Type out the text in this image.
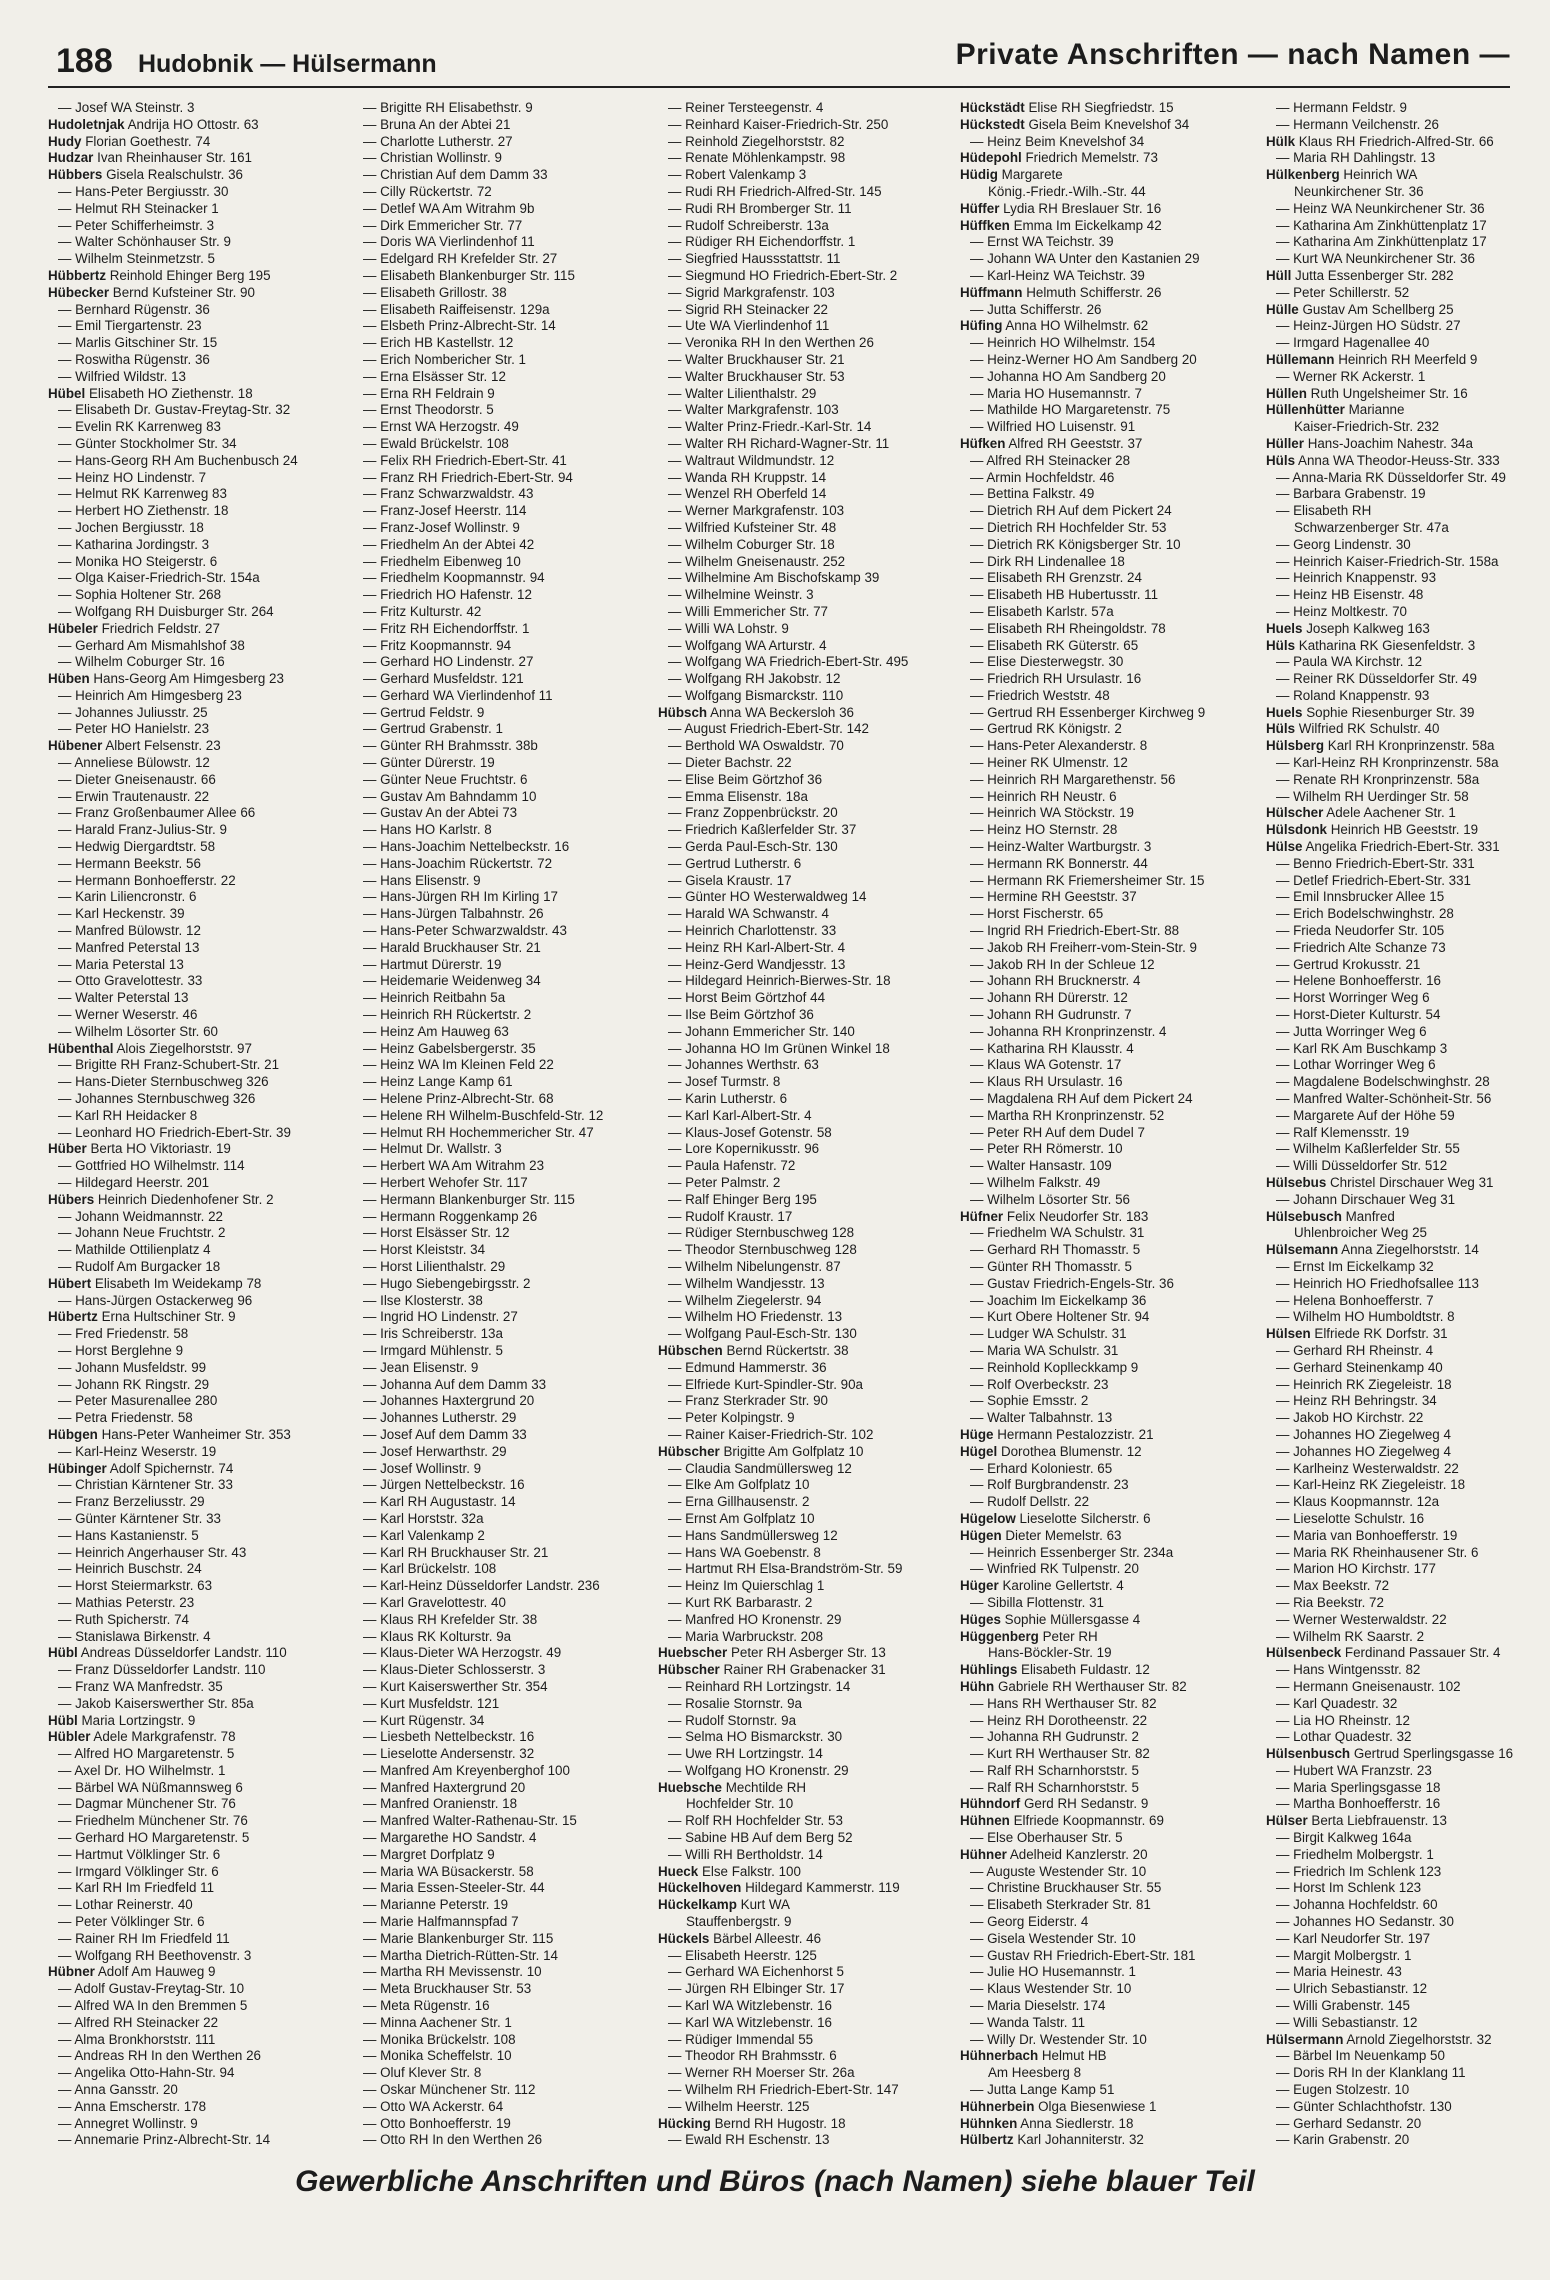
188 Hudobnik — Hülsermann	Private Anschriften — nach Namen —
— Josef WA Steinstr. 3
Hudoletnjak Andrija HO Ottostr. 63
Hudy Florian Goethestr. 74
Hudzar Ivan Rheinhauser Str. 161
Hübbers Gisela Realschulstr. 36
— Hans-Peter Bergiusstr. 30
— Helmut RH Steinacker 1
— Peter Schifferheimstr. 3
— Walter Schönhauser Str. 9
— Wilhelm Steinmetzstr. 5
Hübbertz Reinhold Ehinger Berg 195
Hübecker Bernd Kufsteiner Str. 90
— Bernhard Rügenstr. 36
— Emil Tiergartenstr. 23
— Marlis Gitschiner Str. 15
— Roswitha Rügenstr. 36
— Wilfried Wildstr. 13
Hübel Elisabeth HO Ziethenstr. 18
— Elisabeth Dr. Gustav-Freytag-Str. 32
— Evelin RK Karrenweg 83
— Günter Stockholmer Str. 34
— Hans-Georg RH Am Buchenbusch 24
— Heinz HO Lindenstr. 7
— Helmut RK Karrenweg 83
— Herbert HO Ziethenstr. 18
— Jochen Bergiusstr. 18
— Katharina Jordingstr. 3
— Monika HO Steigerstr. 6
— Olga Kaiser-Friedrich-Str. 154a
— Sophia Holtener Str. 268
— Wolfgang RH Duisburger Str. 264
Hübeler Friedrich Feldstr. 27
— Gerhard Am Mismahlshof 38
— Wilhelm Coburger Str. 16
Hüben Hans-Georg Am Himgesberg 23
— Heinrich Am Himgesberg 23
— Johannes Juliusstr. 25
— Peter HO Hanielstr. 23
Hübener Albert Felsenstr. 23
— Anneliese Bülowstr. 12
— Dieter Gneisenaustr. 66
— Erwin Trautenaustr. 22
— Franz Großenbaumer Allee 66
— Harald Franz-Julius-Str. 9
— Hedwig Diergardtstr. 58
— Hermann Beekstr. 56
— Hermann Bonhoefferstr. 22
— Karin Liliencronstr. 6
— Karl Heckenstr. 39
— Manfred Bülowstr. 12
— Manfred Peterstal 13
— Maria Peterstal 13
— Otto Gravelottestr. 33
— Walter Peterstal 13
— Werner Weserstr. 46
— Wilhelm Lösorter Str. 60
Hübenthal Alois Ziegelhorststr. 97
— Brigitte RH Franz-Schubert-Str. 21
— Hans-Dieter Sternbuschweg 326
— Johannes Sternbuschweg 326
— Karl RH Heidacker 8
— Leonhard HO Friedrich-Ebert-Str. 39
Hüber Berta HO Viktoriastr. 19
— Gottfried HO Wilhelmstr. 114
— Hildegard Heerstr. 201
Hübers Heinrich Diedenhofener Str. 2
— Johann Weidmannstr. 22
— Johann Neue Fruchtstr. 2
— Mathilde Ottilienplatz 4
— Rudolf Am Burgacker 18
Hübert Elisabeth Im Weidekamp 78
— Hans-Jürgen Ostackerweg 96
Hübertz Erna Hultschiner Str. 9
— Fred Friedenstr. 58
— Horst Berglehne 9
— Johann Musfeldstr. 99
— Johann RK Ringstr. 29
— Peter Masurenallee 280
— Petra Friedenstr. 58
Hübgen Hans-Peter Wanheimer Str. 353
— Karl-Heinz Weserstr. 19
Hübinger Adolf Spichernstr. 74
— Christian Kärntener Str. 33
— Franz Berzeliusstr. 29
— Günter Kärntener Str. 33
— Hans Kastanienstr. 5
— Heinrich Angerhauser Str. 43
— Heinrich Buschstr. 24
— Horst Steiermarkstr. 63
— Mathias Peterstr. 23
— Ruth Spicherstr. 74
— Stanislawa Birkenstr. 4
Hübl Andreas Düsseldorfer Landstr. 110
— Franz Düsseldorfer Landstr. 110
— Franz WA Manfredstr. 35
— Jakob Kaiserswerther Str. 85a
Hübl Maria Lortzingstr. 9
Hübler Adele Markgrafenstr. 78
— Alfred HO Margaretenstr. 5
— Axel Dr. HO Wilhelmstr. 1
— Bärbel WA Nüßmannsweg 6
— Dagmar Münchener Str. 76
— Friedhelm Münchener Str. 76
— Gerhard HO Margaretenstr. 5
— Hartmut Völklinger Str. 6
— Irmgard Völklinger Str. 6
— Karl RH Im Friedfeld 11
— Lothar Reinerstr. 40
— Peter Völklinger Str. 6
— Rainer RH Im Friedfeld 11
— Wolfgang RH Beethovenstr. 3
Hübner Adolf Am Hauweg 9
— Adolf Gustav-Freytag-Str. 10
— Alfred WA In den Bremmen 5
— Alfred RH Steinacker 22
— Alma Bronkhorststr. 111
— Andreas RH In den Werthen 26
— Angelika Otto-Hahn-Str. 94
— Anna Gansstr. 20
— Anna Emscherstr. 178
— Annegret Wollinstr. 9
— Annemarie Prinz-Albrecht-Str. 14
— Brigitte RH Elisabethstr. 9
— Bruna An der Abtei 21
— Charlotte Lutherstr. 27
— Christian Wollinstr. 9
— Christian Auf dem Damm 33
— Cilly Rückertstr. 72
— Detlef WA Am Witrahm 9b
— Dirk Emmericher Str. 77
— Doris WA Vierlindenhof 11
— Edelgard RH Krefelder Str. 27
— Elisabeth Blankenburger Str. 115
— Elisabeth Grillostr. 38
— Elisabeth Raiffeisenstr. 129a
— Elsbeth Prinz-Albrecht-Str. 14
— Erich HB Kastellstr. 12
— Erich Nombericher Str. 1
— Erna Elsässer Str. 12
— Erna RH Feldrain 9
— Ernst Theodorstr. 5
— Ernst WA Herzogstr. 49
— Ewald Brückelstr. 108
— Felix RH Friedrich-Ebert-Str. 41
— Franz RH Friedrich-Ebert-Str. 94
— Franz Schwarzwaldstr. 43
— Franz-Josef Heerstr. 114
— Franz-Josef Wollinstr. 9
— Friedhelm An der Abtei 42
— Friedhelm Eibenweg 10
— Friedhelm Koopmannstr. 94
— Friedrich HO Hafenstr. 12
— Fritz Kulturstr. 42
— Fritz RH Eichendorffstr. 1
— Fritz Koopmannstr. 94
— Gerhard HO Lindenstr. 27
— Gerhard Musfeldstr. 121
— Gerhard WA Vierlindenhof 11
— Gertrud Feldstr. 9
— Gertrud Grabenstr. 1
— Günter RH Brahmsstr. 38b
— Günter Dürerstr. 19
— Günter Neue Fruchtstr. 6
— Gustav Am Bahndamm 10
— Gustav An der Abtei 73
— Hans HO Karlstr. 8
— Hans-Joachim Nettelbeckstr. 16
— Hans-Joachim Rückertstr. 72
— Hans Elisenstr. 9
— Hans-Jürgen RH Im Kirling 17
— Hans-Jürgen Talbahnstr. 26
— Hans-Peter Schwarzwaldstr. 43
— Harald Bruckhauser Str. 21
— Hartmut Dürerstr. 19
— Heidemarie Weidenweg 34
— Heinrich Reitbahn 5a
— Heinrich RH Rückertstr. 2
— Heinz Am Hauweg 63
— Heinz Gabelsbergerstr. 35
— Heinz WA Im Kleinen Feld 22
— Heinz Lange Kamp 61
— Helene Prinz-Albrecht-Str. 68
— Helene RH Wilhelm-Buschfeld-Str. 12
— Helmut RH Hochemmericher Str. 47
— Helmut Dr. Wallstr. 3
— Herbert WA Am Witrahm 23
— Herbert Wehofer Str. 117
— Hermann Blankenburger Str. 115
— Hermann Roggenkamp 26
— Horst Elsässer Str. 12
— Horst Kleiststr. 34
— Horst Lilienthalstr. 29
— Hugo Siebengebirgsstr. 2
— Ilse Klosterstr. 38
— Ingrid HO Lindenstr. 27
— Iris Schreiberstr. 13a
— Irmgard Mühlenstr. 5
— Jean Elisenstr. 9
— Johanna Auf dem Damm 33
— Johannes Haxtergrund 20
— Johannes Lutherstr. 29
— Josef Auf dem Damm 33
— Josef Herwarthstr. 29
— Josef Wollinstr. 9
— Jürgen Nettelbeckstr. 16
— Karl RH Augustastr. 14
— Karl Horststr. 32a
— Karl Valenkamp 2
— Karl RH Bruckhauser Str. 21
— Karl Brückelstr. 108
— Karl-Heinz Düsseldorfer Landstr. 236
— Karl Gravelottestr. 40
— Klaus RH Krefelder Str. 38
— Klaus RK Kolturstr. 9a
— Klaus-Dieter WA Herzogstr. 49
— Klaus-Dieter Schlosserstr. 3
— Kurt Kaiserswerther Str. 354
— Kurt Musfeldstr. 121
— Kurt Rügenstr. 34
— Liesbeth Nettelbeckstr. 16
— Lieselotte Andersenstr. 32
— Manfred Am Kreyenberghof 100
— Manfred Haxtergrund 20
— Manfred Oranienstr. 18
— Manfred Walter-Rathenau-Str. 15
— Margarethe HO Sandstr. 4
— Margret Dorfplatz 9
— Maria WA Büsackerstr. 58
— Maria Essen-Steeler-Str. 44
— Marianne Peterstr. 19
— Marie Halfmannspfad 7
— Marie Blankenburger Str. 115
— Martha Dietrich-Rütten-Str. 14
— Martha RH Mevissenstr. 10
— Meta Bruckhauser Str. 53
— Meta Rügenstr. 16
— Minna Aachener Str. 1
— Monika Brückelstr. 108
— Monika Scheffelstr. 10
— Oluf Klever Str. 8
— Oskar Münchener Str. 112
— Otto WA Ackerstr. 64
— Otto Bonhoefferstr. 19
— Otto RH In den Werthen 26
— Reiner Tersteegenstr. 4
— Reinhard Kaiser-Friedrich-Str. 250
— Reinhold Ziegelhorststr. 82
— Renate Möhlenkampstr. 98
— Robert Valenkamp 3
— Rudi RH Friedrich-Alfred-Str. 145
— Rudi RH Bromberger Str. 11
— Rudolf Schreiberstr. 13a
— Rüdiger RH Eichendorffstr. 1
— Siegfried Haussstattstr. 11
— Siegmund HO Friedrich-Ebert-Str. 2
— Sigrid Markgrafenstr. 103
— Sigrid RH Steinacker 22
— Ute WA Vierlindenhof 11
— Veronika RH In den Werthen 26
— Walter Bruckhauser Str. 21
— Walter Bruckhauser Str. 53
— Walter Lilienthalstr. 29
— Walter Markgrafenstr. 103
— Walter Prinz-Friedr.-Karl-Str. 14
— Walter RH Richard-Wagner-Str. 11
— Waltraut Wildmundstr. 12
— Wanda RH Kruppstr. 14
— Wenzel RH Oberfeld 14
— Werner Markgrafenstr. 103
— Wilfried Kufsteiner Str. 48
— Wilhelm Coburger Str. 18
— Wilhelm Gneisenaustr. 252
— Wilhelmine Am Bischofskamp 39
— Wilhelmine Weinstr. 3
— Willi Emmericher Str. 77
— Willi WA Lohstr. 9
— Wolfgang WA Arturstr. 4
— Wolfgang WA Friedrich-Ebert-Str. 495
— Wolfgang RH Jakobstr. 12
— Wolfgang Bismarckstr. 110
Hübsch Anna WA Beckersloh 36
— August Friedrich-Ebert-Str. 142
— Berthold WA Oswaldstr. 70
— Dieter Bachstr. 22
— Elise Beim Görtzhof 36
— Emma Elisenstr. 18a
— Franz Zoppenbrückstr. 20
— Friedrich Kaßlerfelder Str. 37
— Gerda Paul-Esch-Str. 130
— Gertrud Lutherstr. 6
— Gisela Kraustr. 17
— Günter HO Westerwaldweg 14
— Harald WA Schwanstr. 4
— Heinrich Charlottenstr. 33
— Heinz RH Karl-Albert-Str. 4
— Heinz-Gerd Wandjesstr. 13
— Hildegard Heinrich-Bierwes-Str. 18
— Horst Beim Görtzhof 44
— Ilse Beim Görtzhof 36
— Johann Emmericher Str. 140
— Johanna HO Im Grünen Winkel 18
— Johannes Werthstr. 63
— Josef Turmstr. 8
— Karin Lutherstr. 6
— Karl Karl-Albert-Str. 4
— Klaus-Josef Gotenstr. 58
— Lore Kopernikusstr. 96
— Paula Hafenstr. 72
— Peter Palmstr. 2
— Ralf Ehinger Berg 195
— Rudolf Kraustr. 17
— Rüdiger Sternbuschweg 128
— Theodor Sternbuschweg 128
— Wilhelm Nibelungenstr. 87
— Wilhelm Wandjesstr. 13
— Wilhelm Ziegelerstr. 94
— Wilhelm HO Friedenstr. 13
— Wolfgang Paul-Esch-Str. 130
Hübschen Bernd Rückertstr. 38
— Edmund Hammerstr. 36
— Elfriede Kurt-Spindler-Str. 90a
— Franz Sterkrader Str. 90
— Peter Kolpingstr. 9
— Rainer Kaiser-Friedrich-Str. 102
Hübscher Brigitte Am Golfplatz 10
— Claudia Sandmüllersweg 12
— Elke Am Golfplatz 10
— Erna Gillhausenstr. 2
— Ernst Am Golfplatz 10
— Hans Sandmüllersweg 12
— Hans WA Goebenstr. 8
— Hartmut RH Elsa-Brandström-Str. 59
— Heinz Im Quierschlag 1
— Kurt RK Barbarastr. 2
— Manfred HO Kronenstr. 29
— Maria Warbruckstr. 208
Huebscher Peter RH Asberger Str. 13
Hübscher Rainer RH Grabenacker 31
— Reinhard RH Lortzingstr. 14
— Rosalie Stornstr. 9a
— Rudolf Stornstr. 9a
— Selma HO Bismarckstr. 30
— Uwe RH Lortzingstr. 14
— Wolfgang HO Kronenstr. 29
Huebsche Mechtilde RH
Hochfelder Str. 10
— Rolf RH Hochfelder Str. 53
— Sabine HB Auf dem Berg 52
— Willi RH Bertholdstr. 14
Hueck Else Falkstr. 100
Hückelhoven Hildegard Kammerstr. 119
Hückelkamp Kurt WA
Stauffenbergstr. 9
Hückels Bärbel Alleestr. 46
— Elisabeth Heerstr. 125
— Gerhard WA Eichenhorst 5
— Jürgen RH Elbinger Str. 17
— Karl WA Witzlebenstr. 16
— Karl WA Witzlebenstr. 16
— Rüdiger Immendal 55
— Theodor RH Brahmsstr. 6
— Werner RH Moerser Str. 26a
— Wilhelm RH Friedrich-Ebert-Str. 147
— Wilhelm Heerstr. 125
Hücking Bernd RH Hugostr. 18
— Ewald RH Eschenstr. 13
Hückstädt Elise RH Siegfriedstr. 15
Hückstedt Gisela Beim Knevelshof 34
— Heinz Beim Knevelshof 34
Hüdepohl Friedrich Memelstr. 73
Hüdig Margarete
König.-Friedr.-Wilh.-Str. 44
Hüffer Lydia RH Breslauer Str. 16
Hüffken Emma Im Eickelkamp 42
— Ernst WA Teichstr. 39
— Johann WA Unter den Kastanien 29
— Karl-Heinz WA Teichstr. 39
Hüffmann Helmuth Schifferstr. 26
— Jutta Schifferstr. 26
Hüfing Anna HO Wilhelmstr. 62
— Heinrich HO Wilhelmstr. 154
— Heinz-Werner HO Am Sandberg 20
— Johanna HO Am Sandberg 20
— Maria HO Husemannstr. 7
— Mathilde HO Margaretenstr. 75
— Wilfried HO Luisenstr. 91
Hüfken Alfred RH Geeststr. 37
— Alfred RH Steinacker 28
— Armin Hochfeldstr. 46
— Bettina Falkstr. 49
— Dietrich RH Auf dem Pickert 24
— Dietrich RH Hochfelder Str. 53
— Dietrich RK Königsberger Str. 10
— Dirk RH Lindenallee 18
— Elisabeth RH Grenzstr. 24
— Elisabeth HB Hubertusstr. 11
— Elisabeth Karlstr. 57a
— Elisabeth RH Rheingoldstr. 78
— Elisabeth RK Güterstr. 65
— Elise Diesterwegstr. 30
— Friedrich RH Ursulastr. 16
— Friedrich Weststr. 48
— Gertrud RH Essenberger Kirchweg 9
— Gertrud RK Königstr. 2
— Hans-Peter Alexanderstr. 8
— Heiner RK Ulmenstr. 12
— Heinrich RH Margarethenstr. 56
— Heinrich RH Neustr. 6
— Heinrich WA Stöckstr. 19
— Heinz HO Sternstr. 28
— Heinz-Walter Wartburgstr. 3
— Hermann RK Bonnerstr. 44
— Hermann RK Friemersheimer Str. 15
— Hermine RH Geeststr. 37
— Horst Fischerstr. 65
— Ingrid RH Friedrich-Ebert-Str. 88
— Jakob RH Freiherr-vom-Stein-Str. 9
— Jakob RH In der Schleue 12
— Johann RH Brucknerstr. 4
— Johann RH Dürerstr. 12
— Johann RH Gudrunstr. 7
— Johanna RH Kronprinzenstr. 4
— Katharina RH Klausstr. 4
— Klaus WA Gotenstr. 17
— Klaus RH Ursulastr. 16
— Magdalena RH Auf dem Pickert 24
— Martha RH Kronprinzenstr. 52
— Peter RH Auf dem Dudel 7
— Peter RH Römerstr. 10
— Walter Hansastr. 109
— Wilhelm Falkstr. 49
— Wilhelm Lösorter Str. 56
Hüfner Felix Neudorfer Str. 183
— Friedhelm WA Schulstr. 31
— Gerhard RH Thomasstr. 5
— Günter RH Thomasstr. 5
— Gustav Friedrich-Engels-Str. 36
— Joachim Im Eickelkamp 36
— Kurt Obere Holtener Str. 94
— Ludger WA Schulstr. 31
— Maria WA Schulstr. 31
— Reinhold Koplleckkamp 9
— Rolf Overbeckstr. 23
— Sophie Emsstr. 2
— Walter Talbahnstr. 13
Hüge Hermann Pestalozzistr. 21
Hügel Dorothea Blumenstr. 12
— Erhard Koloniestr. 65
— Rolf Burgbrandenstr. 23
— Rudolf Dellstr. 22
Hügelow Lieselotte Silcherstr. 6
Hügen Dieter Memelstr. 63
— Heinrich Essenberger Str. 234a
— Winfried RK Tulpenstr. 20
Hüger Karoline Gellertstr. 4
— Sibilla Flottenstr. 31
Hüges Sophie Müllersgasse 4
Hüggenberg Peter RH
Hans-Böckler-Str. 19
Hühlings Elisabeth Fuldastr. 12
Hühn Gabriele RH Werthauser Str. 82
— Hans RH Werthauser Str. 82
— Heinz RH Dorotheenstr. 22
— Johanna RH Gudrunstr. 2
— Kurt RH Werthauser Str. 82
— Ralf RH Scharnhorststr. 5
— Ralf RH Scharnhorststr. 5
Hühndorf Gerd RH Sedanstr. 9
Hühnen Elfriede Koopmannstr. 69
— Else Oberhauser Str. 5
Hühner Adelheid Kanzlerstr. 20
— Auguste Westender Str. 10
— Christine Bruckhauser Str. 55
— Elisabeth Sterkrader Str. 81
— Georg Eiderstr. 4
— Gisela Westender Str. 10
— Gustav RH Friedrich-Ebert-Str. 181
— Julie HO Husemannstr. 1
— Klaus Westender Str. 10
— Maria Dieselstr. 174
— Wanda Talstr. 11
— Willy Dr. Westender Str. 10
Hühnerbach Helmut HB
Am Heesberg 8
— Jutta Lange Kamp 51
Hühnerbein Olga Biesenwiese 1
Hühnken Anna Siedlerstr. 18
Hülbertz Karl Johanniterstr. 32
— Hermann Feldstr. 9
— Hermann Veilchenstr. 26
Hülk Klaus RH Friedrich-Alfred-Str. 66
— Maria RH Dahlingstr. 13
Hülkenberg Heinrich WA
Neunkirchener Str. 36
— Heinz WA Neunkirchener Str. 36
— Katharina Am Zinkhüttenplatz 17
— Katharina Am Zinkhüttenplatz 17
— Kurt WA Neunkirchener Str. 36
Hüll Jutta Essenberger Str. 282
— Peter Schillerstr. 52
Hülle Gustav Am Schellberg 25
— Heinz-Jürgen HO Südstr. 27
— Irmgard Hagenallee 40
Hüllemann Heinrich RH Meerfeld 9
— Werner RK Ackerstr. 1
Hüllen Ruth Ungelsheimer Str. 16
Hüllenhütter Marianne
Kaiser-Friedrich-Str. 232
Hüller Hans-Joachim Nahestr. 34a
Hüls Anna WA Theodor-Heuss-Str. 333
— Anna-Maria RK Düsseldorfer Str. 49
— Barbara Grabenstr. 19
— Elisabeth RH
Schwarzenberger Str. 47a
— Georg Lindenstr. 30
— Heinrich Kaiser-Friedrich-Str. 158a
— Heinrich Knappenstr. 93
— Heinz HB Eisenstr. 48
— Heinz Moltkestr. 70
Huels Joseph Kalkweg 163
Hüls Katharina RK Giesenfeldstr. 3
— Paula WA Kirchstr. 12
— Reiner RK Düsseldorfer Str. 49
— Roland Knappenstr. 93
Huels Sophie Riesenburger Str. 39
Hüls Wilfried RK Schulstr. 40
Hülsberg Karl RH Kronprinzenstr. 58a
— Karl-Heinz RH Kronprinzenstr. 58a
— Renate RH Kronprinzenstr. 58a
— Wilhelm RH Uerdinger Str. 58
Hülscher Adele Aachener Str. 1
Hülsdonk Heinrich HB Geeststr. 19
Hülse Angelika Friedrich-Ebert-Str. 331
— Benno Friedrich-Ebert-Str. 331
— Detlef Friedrich-Ebert-Str. 331
— Emil Innsbrucker Allee 15
— Erich Bodelschwinghstr. 28
— Frieda Neudorfer Str. 105
— Friedrich Alte Schanze 73
— Gertrud Krokusstr. 21
— Helene Bonhoefferstr. 16
— Horst Worringer Weg 6
— Horst-Dieter Kulturstr. 54
— Jutta Worringer Weg 6
— Karl RK Am Buschkamp 3
— Lothar Worringer Weg 6
— Magdalene Bodelschwinghstr. 28
— Manfred Walter-Schönheit-Str. 56
— Margarete Auf der Höhe 59
— Ralf Klemensstr. 19
— Wilhelm Kaßlerfelder Str. 55
— Willi Düsseldorfer Str. 512
Hülsebus Christel Dirschauer Weg 31
— Johann Dirschauer Weg 31
Hülsebusch Manfred
Uhlenbroicher Weg 25
Hülsemann Anna Ziegelhorststr. 14
— Ernst Im Eickelkamp 32
— Heinrich HO Friedhofsallee 113
— Helena Bonhoefferstr. 7
— Wilhelm HO Humboldtstr. 8
Hülsen Elfriede RK Dorfstr. 31
— Gerhard RH Rheinstr. 4
— Gerhard Steinenkamp 40
— Heinrich RK Ziegeleistr. 18
— Heinz RH Behringstr. 34
— Jakob HO Kirchstr. 22
— Johannes HO Ziegelweg 4
— Johannes HO Ziegelweg 4
— Karlheinz Westerwaldstr. 22
— Karl-Heinz RK Ziegeleistr. 18
— Klaus Koopmannstr. 12a
— Lieselotte Schulstr. 16
— Maria van Bonhoefferstr. 19
— Maria RK Rheinhausener Str. 6
— Marion HO Kirchstr. 177
— Max Beekstr. 72
— Ria Beekstr. 72
— Werner Westerwaldstr. 22
— Wilhelm RK Saarstr. 2
Hülsenbeck Ferdinand Passauer Str. 4
— Hans Wintgensstr. 82
— Hermann Gneisenaustr. 102
— Karl Quadestr. 32
— Lia HO Rheinstr. 12
— Lothar Quadestr. 32
Hülsenbusch Gertrud Sperlingsgasse 16
— Hubert WA Franzstr. 23
— Maria Sperlingsgasse 18
— Martha Bonhoefferstr. 16
Hülser Berta Liebfrauenstr. 13
— Birgit Kalkweg 164a
— Friedhelm Molbergstr. 1
— Friedrich Im Schlenk 123
— Horst Im Schlenk 123
— Johanna Hochfeldstr. 60
— Johannes HO Sedanstr. 30
— Karl Neudorfer Str. 197
— Margit Molbergstr. 1
— Maria Heinestr. 43
— Ulrich Sebastianstr. 12
— Willi Grabenstr. 145
— Willi Sebastianstr. 12
Hülsermann Arnold Ziegelhorststr. 32
— Bärbel Im Neuenkamp 50
— Doris RH In der Klanklang 11
— Eugen Stolzestr. 10
— Günter Schlachthofstr. 130
— Gerhard Sedanstr. 20
— Karin Grabenstr. 20
Gewerbliche Anschriften und Büros (nach Namen) siehe blauer Teil
